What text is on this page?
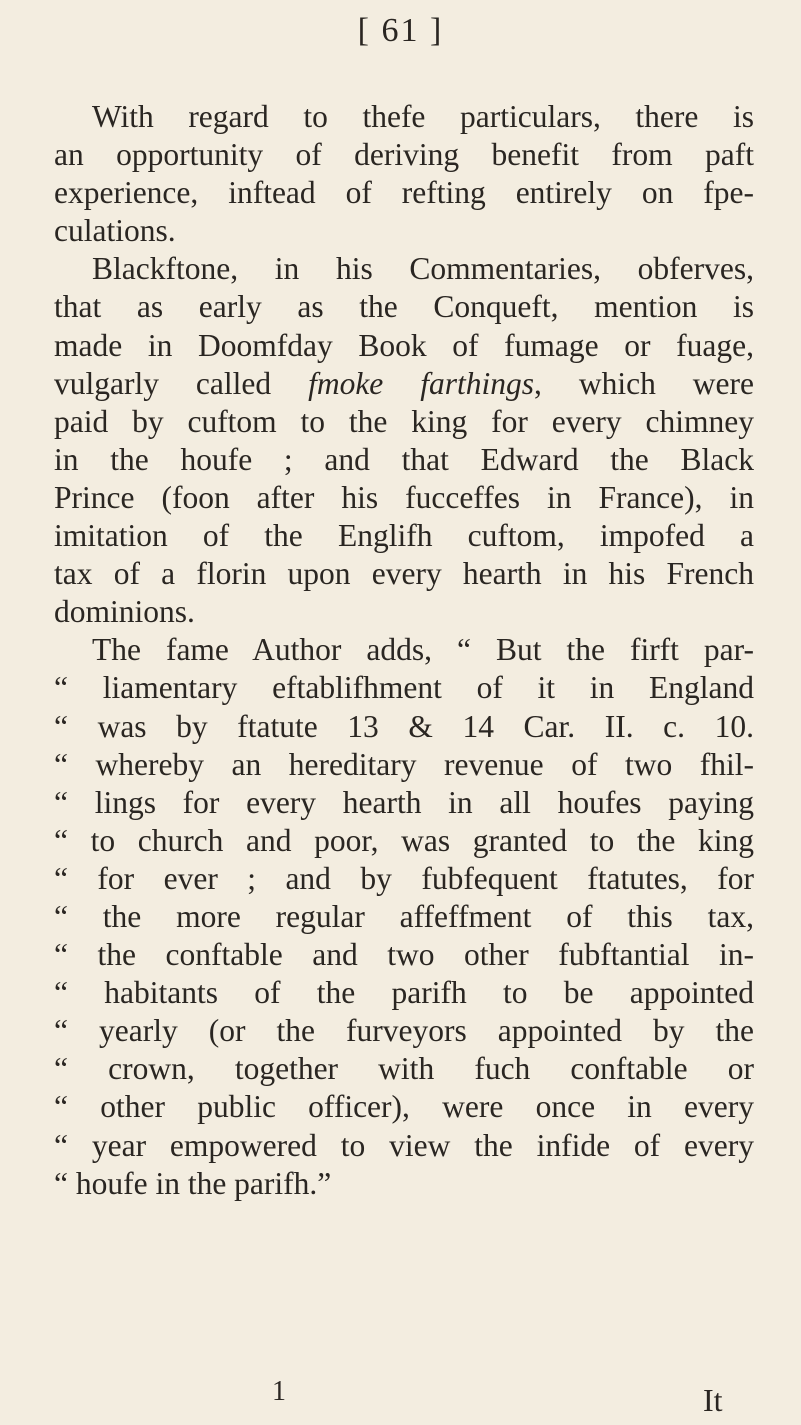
[ 61 ]
With regard to thefe particulars, there is
an opportunity of deriving benefit from paft
experience, inftead of refting entirely on fpe-
culations.
Blackftone, in his Commentaries, obferves,
that as early as the Conqueft, mention is
made in Doomfday Book of fumage or fuage,
vulgarly called fmoke farthings, which were
paid by cuftom to the king for every chimney
in the houfe ; and that Edward the Black
Prince (foon after his fucceffes in France), in
imitation of the Englifh cuftom, impofed a
tax of a florin upon every hearth in his French
dominions.
The fame Author adds, “ But the firft par-
“ liamentary eftablifhment of it in England
“ was by ftatute 13 & 14 Car. II. c. 10.
“ whereby an hereditary revenue of two fhil-
“ lings for every hearth in all houfes paying
“ to church and poor, was granted to the king
“ for ever ; and by fubfequent ftatutes, for
“ the more regular affeffment of this tax,
“ the conftable and two other fubftantial in-
“ habitants of the parifh to be appointed
“ yearly (or the furveyors appointed by the
“ crown, together with fuch conftable or
“ other public officer), were once in every
“ year empowered to view the infide of every
“ houfe in the parifh.”
1	It
